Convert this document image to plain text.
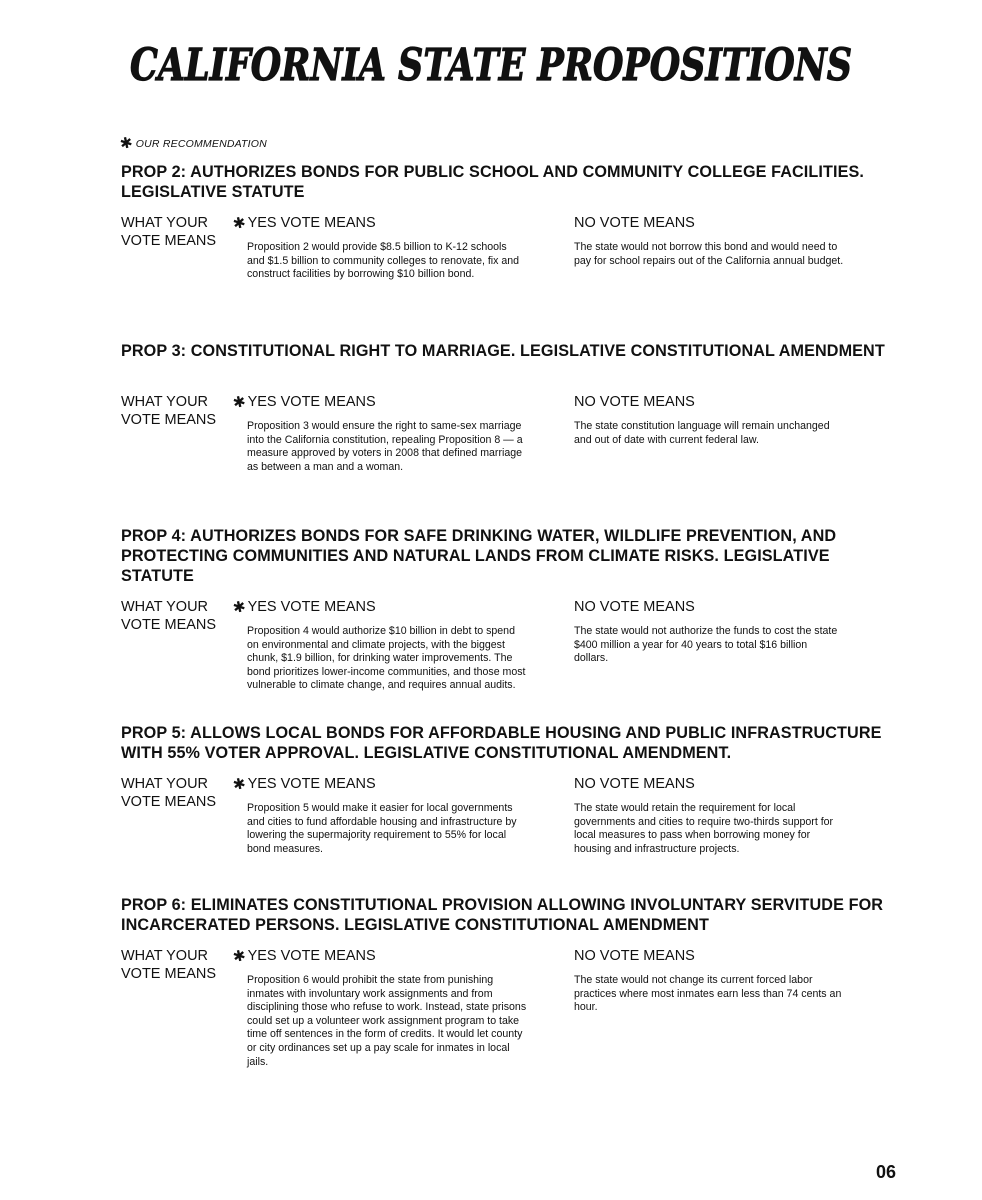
CALIFORNIA STATE PROPOSITIONS
✱ OUR RECOMMENDATION
PROP 2: AUTHORIZES BONDS FOR PUBLIC SCHOOL AND COMMUNITY COLLEGE FACILITIES.
LEGISLATIVE STATUTE
WHAT YOUR
VOTE MEANS
✱ YES VOTE MEANS
Proposition 2 would provide $8.5 billion to K-12 schools and $1.5 billion to community colleges to renovate, fix and construct facilities by borrowing $10 billion bond.
NO VOTE MEANS
The state would not borrow this bond and would need to pay for school repairs out of the California annual budget.
PROP 3: CONSTITUTIONAL RIGHT TO MARRIAGE. LEGISLATIVE CONSTITUTIONAL AMENDMENT
WHAT YOUR
VOTE MEANS
✱ YES VOTE MEANS
Proposition 3 would ensure the right to same-sex marriage into the California constitution, repealing Proposition 8 — a measure approved by voters in 2008 that defined marriage as between a man and a woman.
NO VOTE MEANS
The state constitution language will remain unchanged and out of date with current federal law.
PROP 4: AUTHORIZES BONDS FOR SAFE DRINKING WATER, WILDLIFE PREVENTION, AND
PROTECTING COMMUNITIES AND NATURAL LANDS FROM CLIMATE RISKS. LEGISLATIVE STATUTE
WHAT YOUR
VOTE MEANS
✱ YES VOTE MEANS
Proposition 4 would authorize $10 billion in debt to spend on environmental and climate projects, with the biggest chunk, $1.9 billion, for drinking water improvements. The bond prioritizes lower-income communities, and those most vulnerable to climate change, and requires annual audits.
NO VOTE MEANS
The state would not authorize the funds to cost the state $400 million a year for 40 years to total $16 billion dollars.
PROP 5: ALLOWS LOCAL BONDS FOR AFFORDABLE HOUSING AND PUBLIC INFRASTRUCTURE
WITH 55% VOTER APPROVAL. LEGISLATIVE CONSTITUTIONAL AMENDMENT.
WHAT YOUR
VOTE MEANS
✱ YES VOTE MEANS
Proposition 5 would make it easier for local governments and cities to fund affordable housing and infrastructure by lowering the supermajority requirement to 55% for local bond measures.
NO VOTE MEANS
The state would retain the requirement for local governments and cities to require two-thirds support for local measures to pass when borrowing money for housing and infrastructure projects.
PROP 6: ELIMINATES CONSTITUTIONAL PROVISION ALLOWING INVOLUNTARY SERVITUDE FOR
INCARCERATED PERSONS. LEGISLATIVE CONSTITUTIONAL AMENDMENT
WHAT YOUR
VOTE MEANS
✱ YES VOTE MEANS
Proposition 6 would prohibit the state from punishing inmates with involuntary work assignments and from disciplining those who refuse to work. Instead, state prisons could set up a volunteer work assignment program to take time off sentences in the form of credits. It would let county or city ordinances set up a pay scale for inmates in local jails.
NO VOTE MEANS
The state would not change its current forced labor practices where most inmates earn less than 74 cents an hour.
06
